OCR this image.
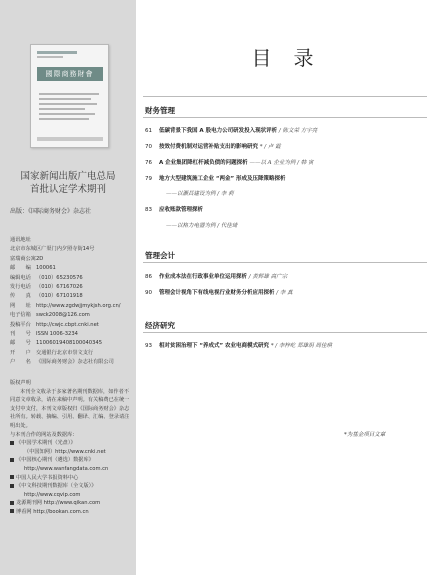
國際商務財會
国家新闻出版广电总局
首批认定学术期刊
出版：《国际商务财会》杂志社
通讯地址
北京市东城区广渠门内夕照寺街14号
富瑞商公寓2D
邮　　编	100061
编辑电话	（010）65230576
发行电话	（010）67167026
传　　真	（010）67101918
网　　址	http://www.zgdwjjmykjsh.org.cn/
电子信箱	swck2008@126.com
投稿平台	http://cwjc.cbpt.cnki.net
刊　　号	ISSN 1006-3234
邮　　号	11006019408100040345
开　　户	交通银行北京市崇文支行
户　　名	《国际商务财会》杂志社有限公司
版权声明
本刊全文收录于多家著名期刊数据库，如作者不同意文章收录，请在来稿中声明。有关稿费已在统一支付中支付，本刊文章版权归《国际商务财会》杂志社所有。转载、摘编、引用、翻译、汇编、登录请注明出处。
与本刊合作的网站及数据库：
《中国学术期刊（光盘）》
（中国知网）http://www.cnki.net
《中国核心期刊（遴选）数据库》
http://www.wanfangdata.com.cn
中国人民大学书报资料中心
《中文科技期刊数据库（全文版）》
http://www.cqvip.com
龙源期刊网 http://www.qikan.com
博看网 http://bookan.com.cn
目录
财务管理
61 低碳背景下我国 A 股电力公司研发投入现状评析 / 陈文荣 方宇亮
70 按效付费机制对运营补贴支出的影响研究 * / 卢 霞
76 A 企业集团降杠杆减负债的问题探析 ——以 A 企业为例 / 韩 寅
79 地方大型建筑施工企业 “两金” 形成及压降策略探析
——以灏昌建设为例 / 李 莉
83 应收账款管理探析
——以格力电器为例 / 代佳琦
管理会计
86 作业成本法在行政事业单位运用探析 / 黄辉雄 高广宗
90 管理会计视角下有线电视行业财务分析应用探析 / 李 真
经济研究
93 相对贫困治理下 “养成式” 农业电商模式研究 * / 李梓屹 郑雄玥 周佳琪
*为基金项目文章
